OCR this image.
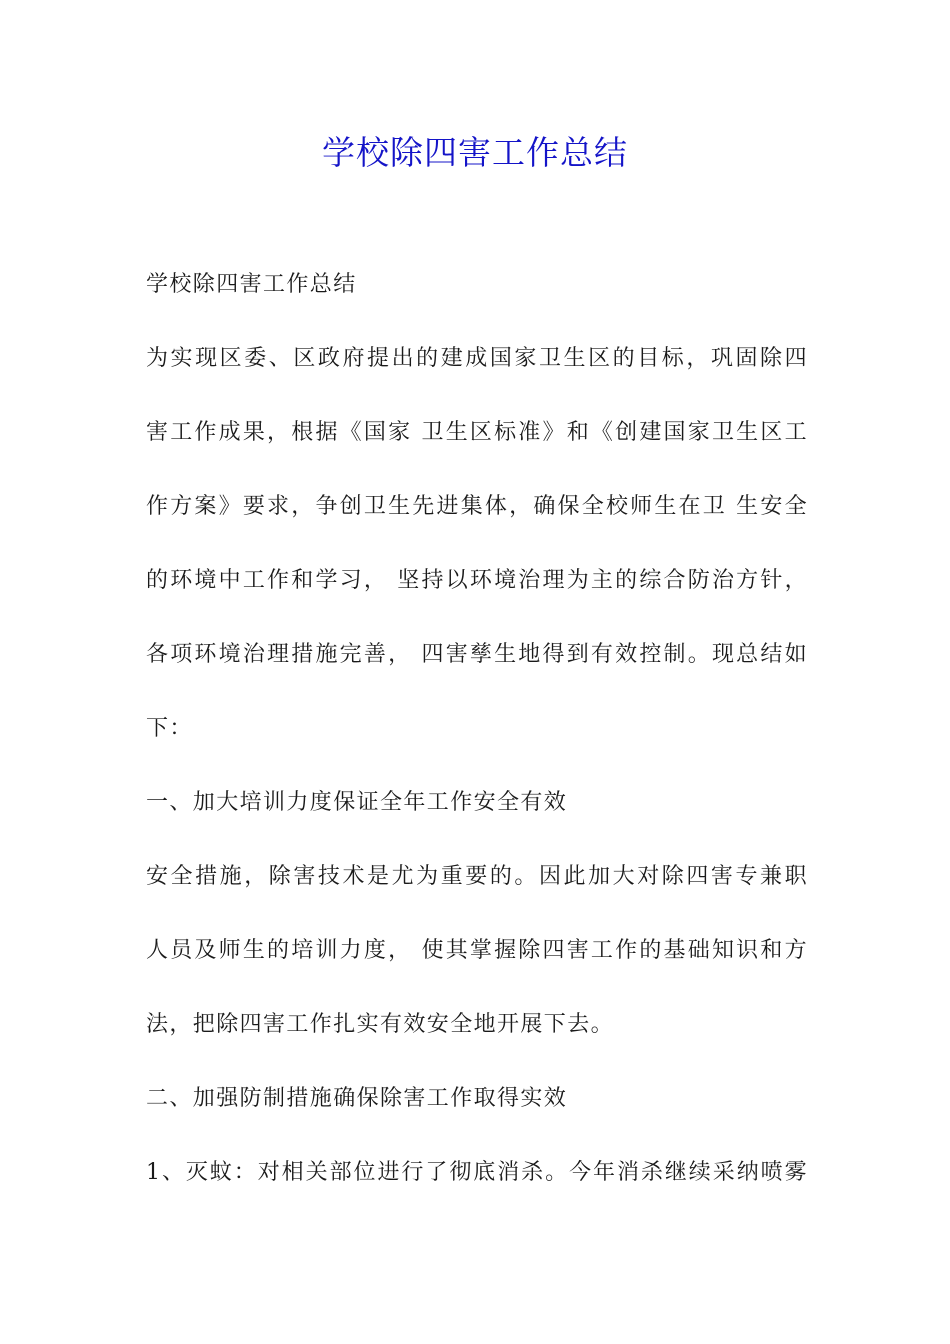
学校除四害工作总结
学校除四害工作总结
为实现区委、区政府提出的建成国家卫生区的目标，巩固除四
害工作成果，根据《国家 卫生区标准》和《创建国家卫生区工
作方案》要求，争创卫生先进集体，确保全校师生在卫 生安全
的环境中工作和学习， 坚持以环境治理为主的综合防治方针，
各项环境治理措施完善， 四害孳生地得到有效控制。现总结如
下：
一、加大培训力度保证全年工作安全有效
安全措施，除害技术是尤为重要的。因此加大对除四害专兼职
人员及师生的培训力度， 使其掌握除四害工作的基础知识和方
法，把除四害工作扎实有效安全地开展下去。
二、加强防制措施确保除害工作取得实效
1、灭蚊：对相关部位进行了彻底消杀。今年消杀继续采纳喷雾
